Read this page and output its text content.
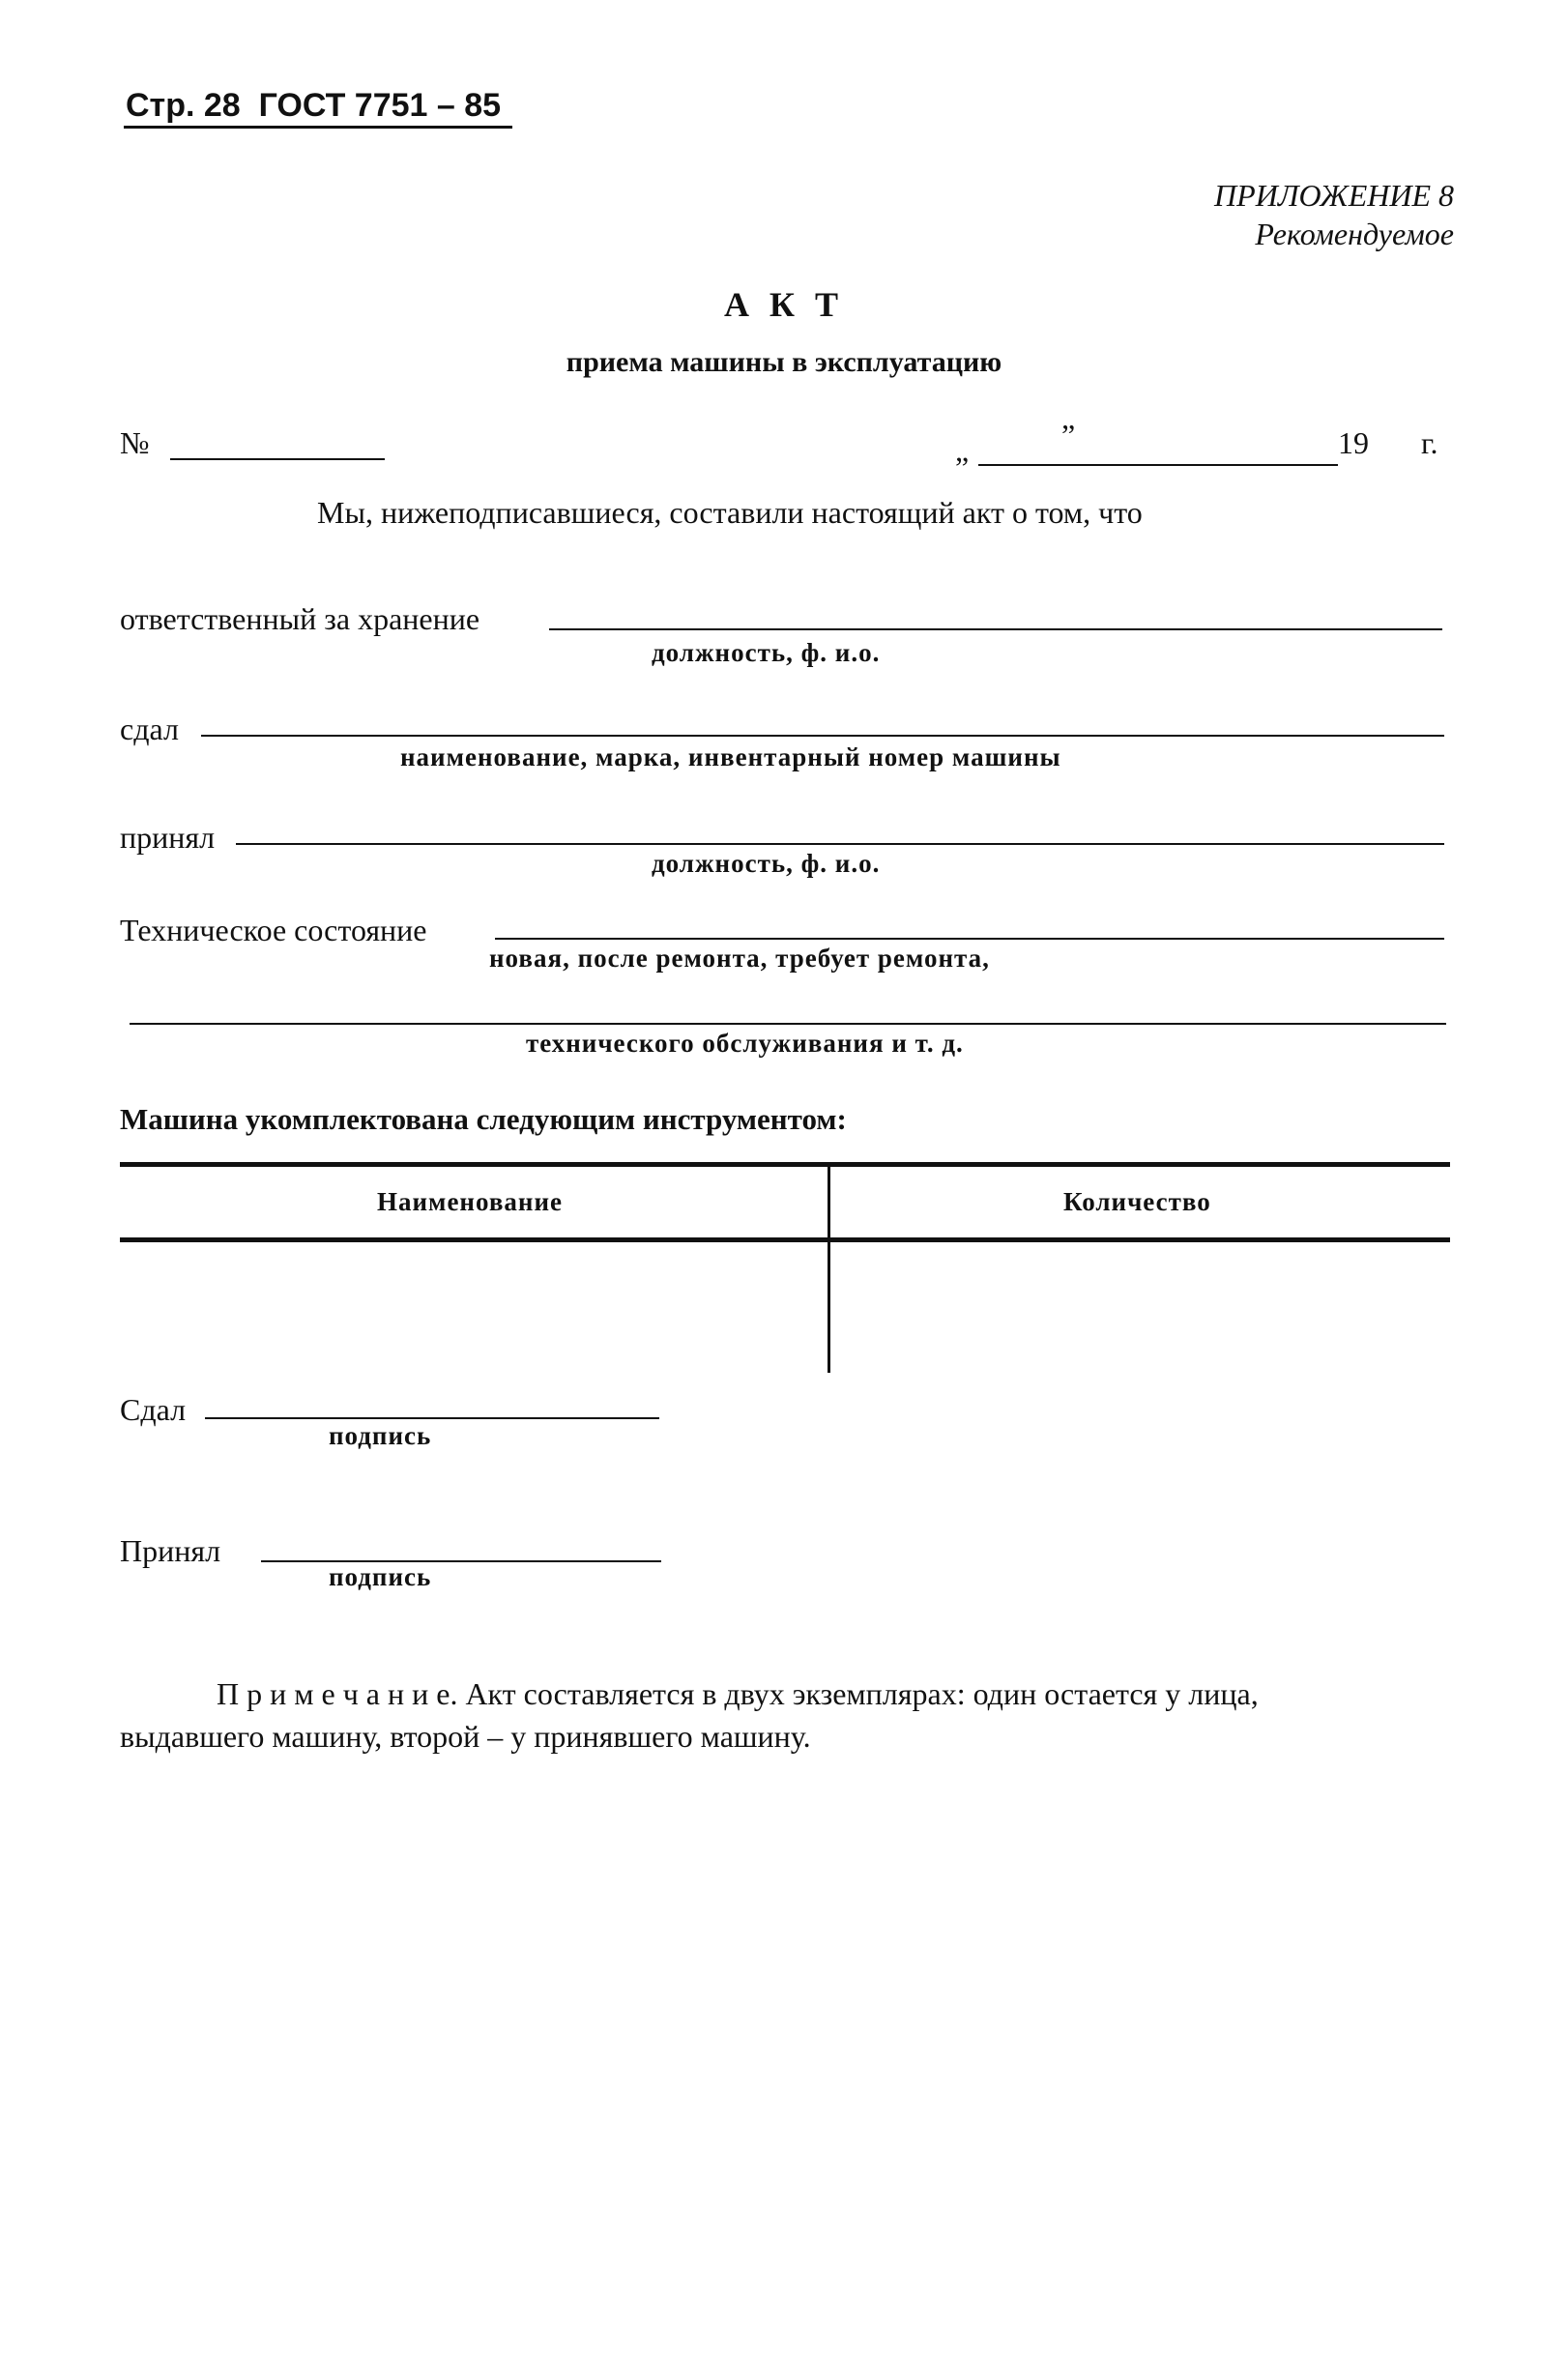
Стр. 28 ГОСТ 7751 – 85
ПРИЛОЖЕНИЕ 8
Рекомендуемое
А К Т
приема машины в эксплуатацию
№	„	”	19 г.
Мы, нижеподписавшиеся, составили настоящий акт о том, что
ответственный за хранение
должность, ф. и.о.
сдал
наименование, марка, инвентарный номер машины
принял
должность, ф. и.о.
Техническое состояние
новая, после ремонта, требует ремонта,
технического обслуживания и т. д.
Машина укомплектована следующим инструментом:
Наименование	Количество
Сдал
подпись
Принял
подпись
П р и м е ч а н и е. Акт составляется в двух экземплярах: один остается у лица,
выдавшего машину, второй – у принявшего машину.
